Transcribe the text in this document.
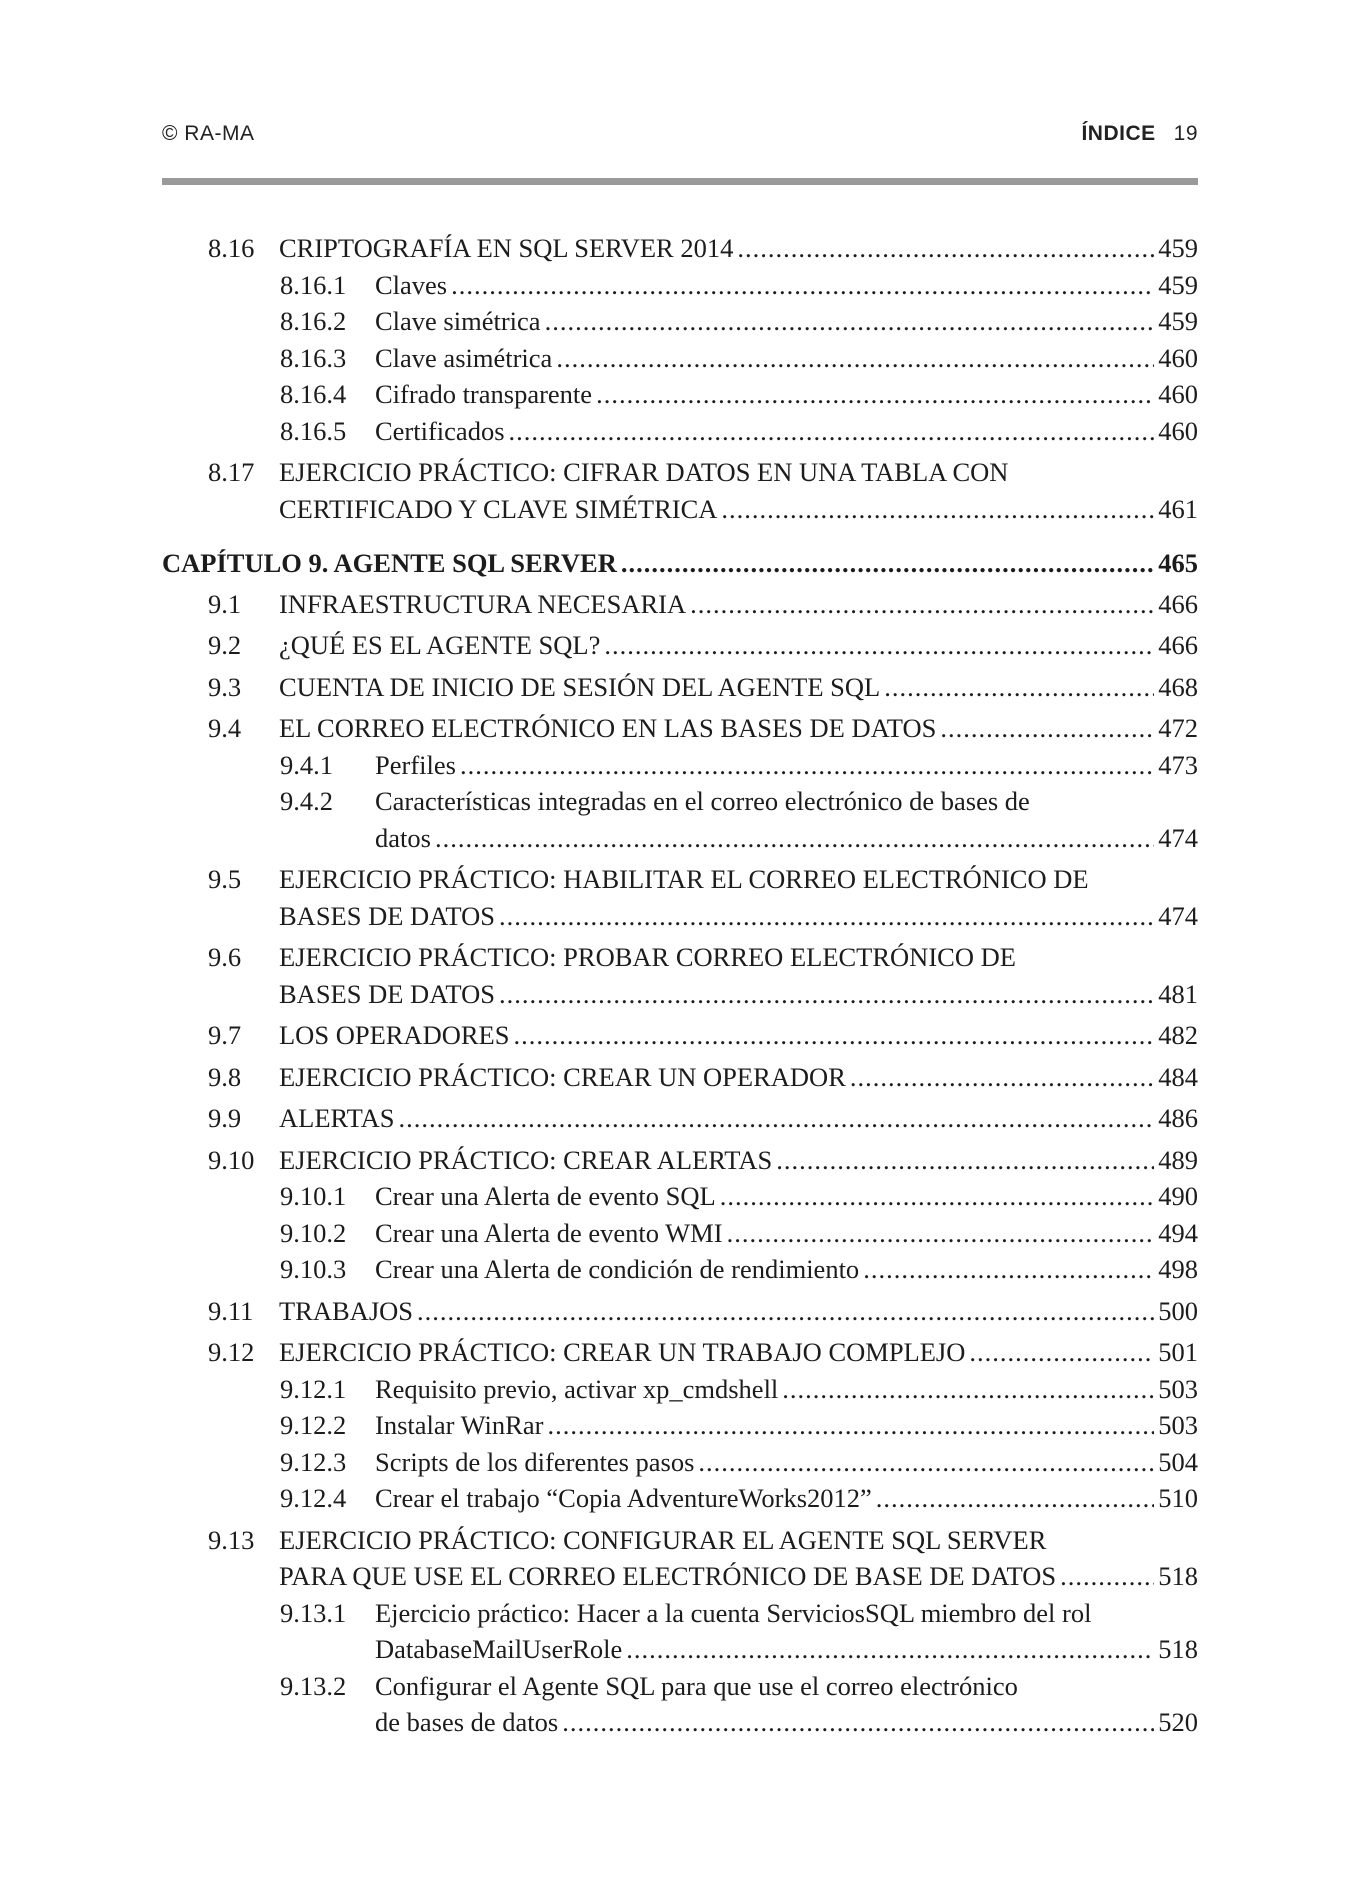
© RA-MA	ÍNDICE 19
8.16 CRIPTOGRAFÍA EN SQL SERVER 2014 .....	459
8.16.1 Claves .....	459
8.16.2 Clave simétrica .....	459
8.16.3 Clave asimétrica .....	460
8.16.4 Cifrado transparente .....	460
8.16.5 Certificados .....	460
8.17 EJERCICIO PRÁCTICO: CIFRAR DATOS EN UNA TABLA CON
CERTIFICADO Y CLAVE SIMÉTRICA .....	461
CAPÍTULO 9. AGENTE SQL SERVER .....	465
9.1 INFRAESTRUCTURA NECESARIA .....	466
9.2 ¿QUÉ ES EL AGENTE SQL? .....	466
9.3 CUENTA DE INICIO DE SESIÓN DEL AGENTE SQL .....	468
9.4 EL CORREO ELECTRÓNICO EN LAS BASES DE DATOS .....	472
9.4.1 Perfiles .....	473
9.4.2 Características integradas en el correo electrónico de bases de
datos .....	474
9.5 EJERCICIO PRÁCTICO: HABILITAR EL CORREO ELECTRÓNICO DE
BASES DE DATOS .....	474
9.6 EJERCICIO PRÁCTICO: PROBAR CORREO ELECTRÓNICO DE
BASES DE DATOS .....	481
9.7 LOS OPERADORES .....	482
9.8 EJERCICIO PRÁCTICO: CREAR UN OPERADOR .....	484
9.9 ALERTAS .....	486
9.10 EJERCICIO PRÁCTICO: CREAR ALERTAS .....	489
9.10.1 Crear una Alerta de evento SQL .....	490
9.10.2 Crear una Alerta de evento WMI .....	494
9.10.3 Crear una Alerta de condición de rendimiento .....	498
9.11 TRABAJOS .....	500
9.12 EJERCICIO PRÁCTICO: CREAR UN TRABAJO COMPLEJO .....	501
9.12.1 Requisito previo, activar xp_cmdshell .....	503
9.12.2 Instalar WinRar .....	503
9.12.3 Scripts de los diferentes pasos .....	504
9.12.4 Crear el trabajo “Copia AdventureWorks2012” .....	510
9.13 EJERCICIO PRÁCTICO: CONFIGURAR EL AGENTE SQL SERVER
PARA QUE USE EL CORREO ELECTRÓNICO DE BASE DE DATOS .....	518
9.13.1 Ejercicio práctico: Hacer a la cuenta ServiciosSQL miembro del rol
DatabaseMailUserRole .....	518
9.13.2 Configurar el Agente SQL para que use el correo electrónico
de bases de datos .....	520
